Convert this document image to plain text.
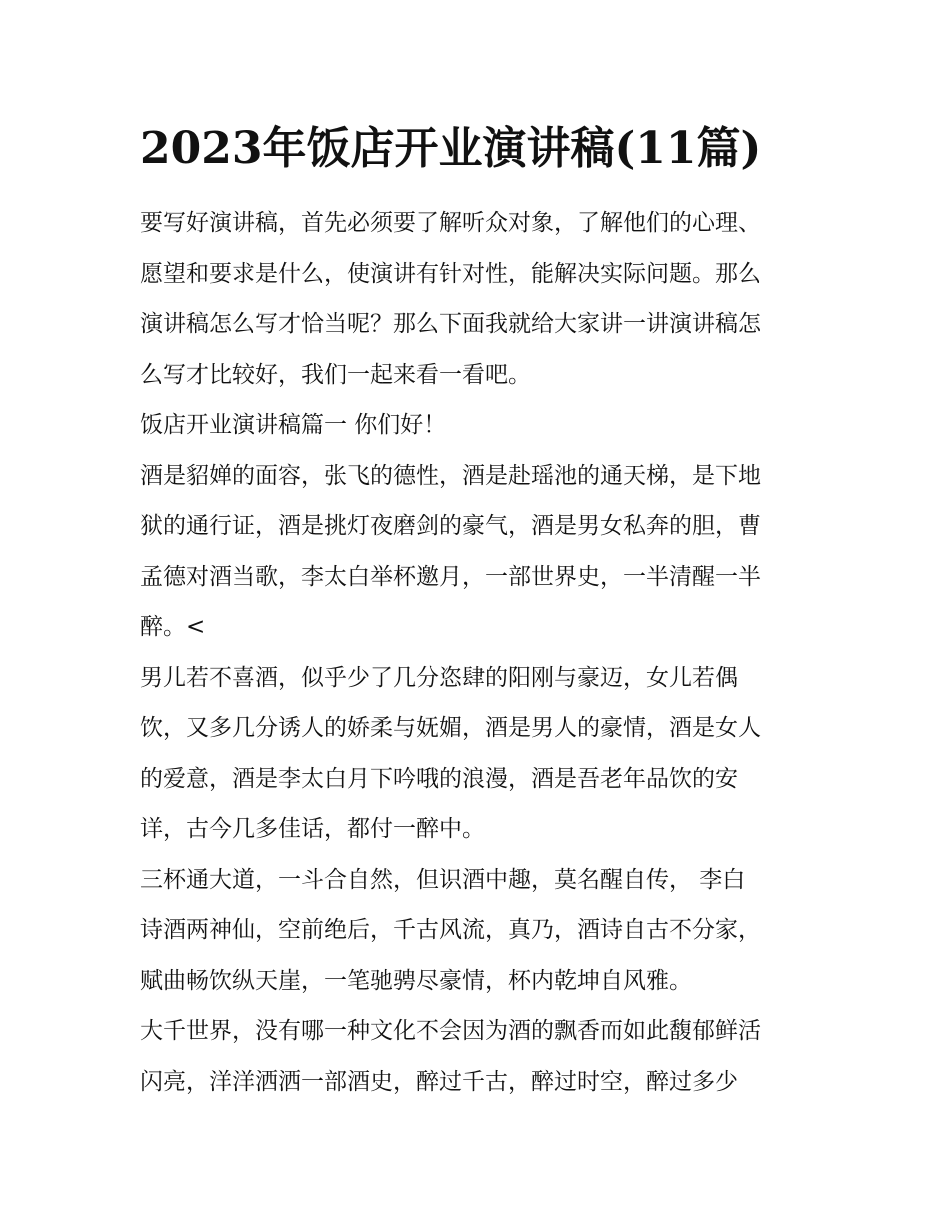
2023年饭店开业演讲稿(11篇)

要写好演讲稿，首先必须要了解听众对象，了解他们的心理、
愿望和要求是什么，使演讲有针对性，能解决实际问题。那么
演讲稿怎么写才恰当呢？那么下面我就给大家讲一讲演讲稿怎
么写才比较好，我们一起来看一看吧。

饭店开业演讲稿篇一 你们好！

酒是貂婵的面容，张飞的德性，酒是赴瑶池的通天梯，是下地
狱的通行证，酒是挑灯夜磨剑的豪气，酒是男女私奔的胆，曹
孟德对酒当歌，李太白举杯邀月，一部世界史，一半清醒一半
醉。<

男儿若不喜酒，似乎少了几分恣肆的阳刚与豪迈，女儿若偶
饮，又多几分诱人的娇柔与妩媚，酒是男人的豪情，酒是女人
的爱意，酒是李太白月下吟哦的浪漫，酒是吾老年品饮的安
详，古今几多佳话，都付一醉中。

三杯通大道，一斗合自然，但识酒中趣，莫名醒自传， 李白
诗酒两神仙，空前绝后，千古风流，真乃，酒诗自古不分家，
赋曲畅饮纵天崖，一笔驰骋尽豪情，杯内乾坤自风雅。

大千世界，没有哪一种文化不会因为酒的飘香而如此馥郁鲜活
闪亮，洋洋洒洒一部酒史，醉过千古，醉过时空，醉过多少
